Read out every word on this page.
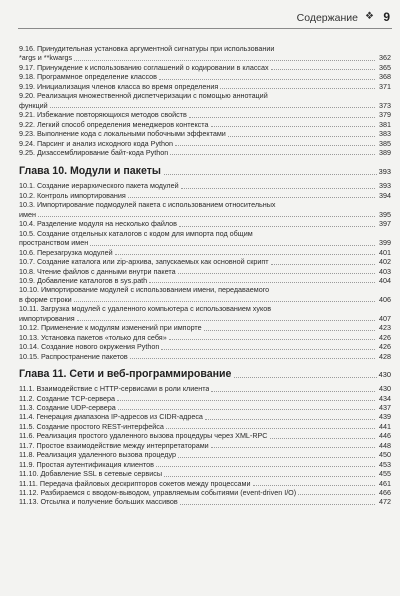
Содержание ❖ 9
9.16. Принудительная установка аргументной сигнатуры при использовании
*args и **kwargs	362
9.17. Принуждение к использованию соглашений о кодировании в классах	365
9.18. Программное определение классов	368
9.19. Инициализация членов класса во время определения	371
9.20. Реализация множественной диспетчеризации с помощью аннотаций
функций	373
9.21. Избежание повторяющихся методов свойств	379
9.22. Легкий способ определения менеджеров контекста	381
9.23. Выполнение кода с локальными побочными эффектами	383
9.24. Парсинг и анализ исходного кода Python	385
9.25. Дизассемблирование байт-кода Python	389
Глава 10. Модули и пакеты	393
10.1. Создание иерархического пакета модулей	393
10.2. Контроль импортирования	394
10.3. Импортирование подмодулей пакета с использованием относительных
имен	395
10.4. Разделение модуля на несколько файлов	397
10.5. Создание отдельных каталогов с кодом для импорта под общим
пространством имен	399
10.6. Перезагрузка модулей	401
10.7. Создание каталога или zip-архива, запускаемых как основной скрипт	402
10.8. Чтение файлов с данными внутри пакета	403
10.9. Добавление каталогов в sys.path	404
10.10. Импортирование модулей с использованием имени, передаваемого
в форме строки	406
10.11. Загрузка модулей с удаленного компьютера с использованием хуков
импортирования	407
10.12. Применение к модулям изменений при импорте	423
10.13. Установка пакетов «только для себя»	426
10.14. Создание нового окружения Python	426
10.15. Распространение пакетов	428
Глава 11. Сети и веб-программирование	430
11.1. Взаимодействие с HTTP-сервисами в роли клиента	430
11.2. Создание TCP-сервера	434
11.3. Создание UDP-сервера	437
11.4. Генерация диапазона IP-адресов из CIDR-адреса	439
11.5. Создание простого REST-интерфейса	441
11.6. Реализация простого удаленного вызова процедуры через XML-RPC	446
11.7. Простое взаимодействие между интерпретаторами	448
11.8. Реализация удаленного вызова процедур	450
11.9. Простая аутентификация клиентов	453
11.10. Добавление SSL в сетевые сервисы	455
11.11. Передача файловых дескрипторов сокетов между процессами	461
11.12. Разбираемся с вводом-выводом, управляемым событиями (event-driven I/O)	466
11.13. Отсылка и получение больших массивов	472
